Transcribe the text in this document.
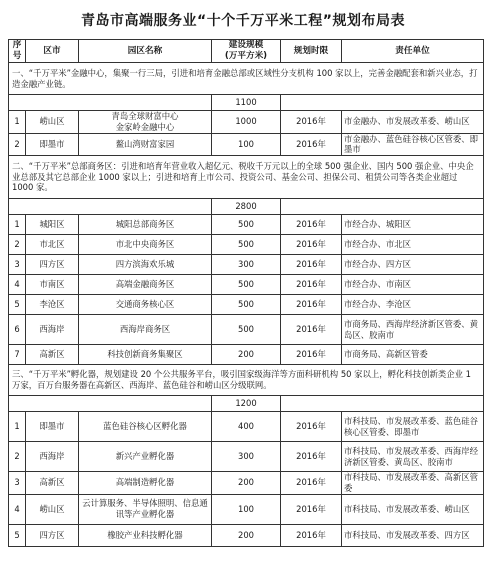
青岛市高端服务业“十个千万平米工程”规划布局表
序号	区市	园区名称	建设规模
(万平方米)	规划时限	责任单位
一、“千万平米”金融中心，集聚一行三局，引进和培育金融总部或区域性分支机构 100 家以上，完善金融配套和新兴业态，打造金融产业链。					
			1100		
1	崂山区	青岛全球财富中心
金家岭金融中心	1000	2016年	市金融办、市发展改革委、崂山区
2	即墨市	鳌山湾财富家园	100	2016年	市金融办、蓝色硅谷核心区管委、即墨市
二、“千万平米”总部商务区：引进和培育年营业收入超亿元、税收千万元以上的全球 500 强企业、国内 500 强企业、中央企业总部及其它总部企业 1000 家以上；引进和培育上市公司、投资公司、基金公司、担保公司、租赁公司等各类企业超过 1000 家。					
			2800		
1	城阳区	城阳总部商务区	500	2016年	市经合办、城阳区
2	市北区	市北中央商务区	500	2016年	市经合办、市北区
3	四方区	四方滨海欢乐城	300	2016年	市经合办、四方区
4	市南区	高端金融商务区	500	2016年	市经合办、市南区
5	李沧区	交通商务核心区	500	2016年	市经合办、李沧区
6	西海岸	西海岸商务区	500	2016年	市商务局、西海岸经济新区管委、黄岛区、胶南市
7	高新区	科技创新商务集聚区	200	2016年	市商务局、高新区管委
三、“千万平米”孵化器，规划建设 20 个公共服务平台，吸引国家级海洋等方面科研机构 50 家以上，孵化科技创新类企业 1 万家，百万台服务器在高新区、西海岸、蓝色硅谷和崂山区分级联网。					
			1200		
1	即墨市	蓝色硅谷核心区孵化器	400	2016年	市科技局、市发展改革委、蓝色硅谷核心区管委、即墨市
2	西海岸	新兴产业孵化器	300	2016年	市科技局、市发展改革委、西海岸经济新区管委、黄岛区、胶南市
3	高新区	高端制造孵化器	200	2016年	市科技局、市发展改革委、高新区管委
4	崂山区	云计算服务、半导体照明、信息通讯等产业孵化器	100	2016年	市科技局、市发展改革委、崂山区
5	四方区	橡胶产业科技孵化器	200	2016年	市科技局、市发展改革委、四方区
